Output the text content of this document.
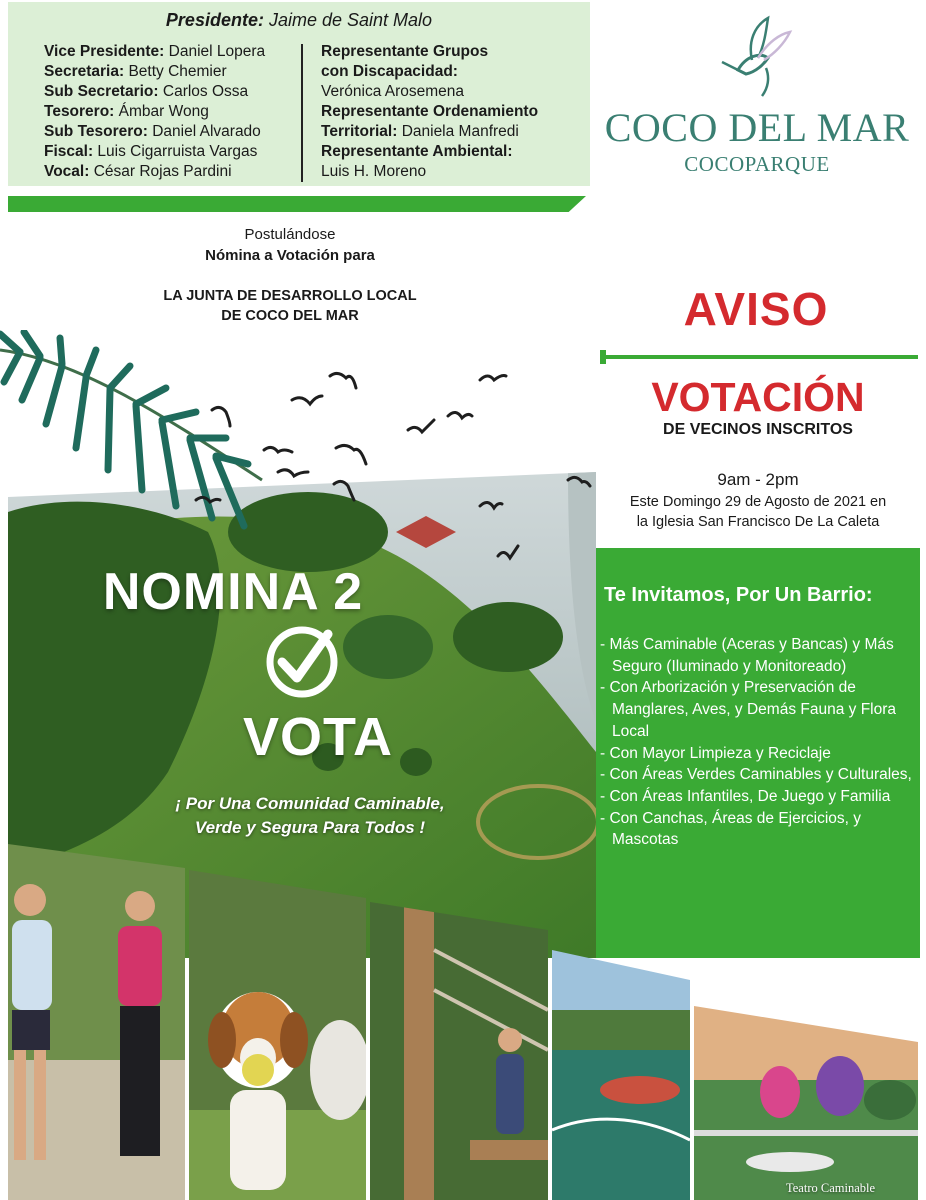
Presidente: Jaime de Saint Malo
Vice Presidente: Daniel Lopera
Secretaria: Betty Chemier
Sub Secretario: Carlos Ossa
Tesorero: Ámbar Wong
Sub Tesorero: Daniel Alvarado
Fiscal: Luis Cigarruista Vargas
Vocal: César Rojas Pardini
Representante Grupos
con Discapacidad:
Verónica Arosemena
Representante Ordenamiento
Territorial: Daniela Manfredi
Representante Ambiental:
Luis H. Moreno
COCO DEL MAR
COCOPARQUE
Postulándose
Nómina a Votación para
LA JUNTA DE DESARROLLO LOCAL
DE COCO DEL MAR	AVISO
VOTACIÓN
DE VECINOS INSCRITOS
9am - 2pm
Este Domingo 29 de Agosto de 2021 en
la Iglesia San Francisco De La Caleta
NOMINA 2
VOTA
¡ Por Una Comunidad Caminable,
Verde y Segura Para Todos !
Te Invitamos, Por Un Barrio:
- Más Caminable (Aceras y Bancas) y Más Seguro (Iluminado y Monitoreado)
- Con Arborización y Preservación de Manglares, Aves, y Demás Fauna y Flora Local
- Con Mayor Limpieza y Reciclaje
- Con Áreas Verdes Caminables y Culturales,
- Con Áreas Infantiles, De Juego y Familia
- Con Canchas, Áreas de Ejercicios, y Mascotas
Teatro Caminable
